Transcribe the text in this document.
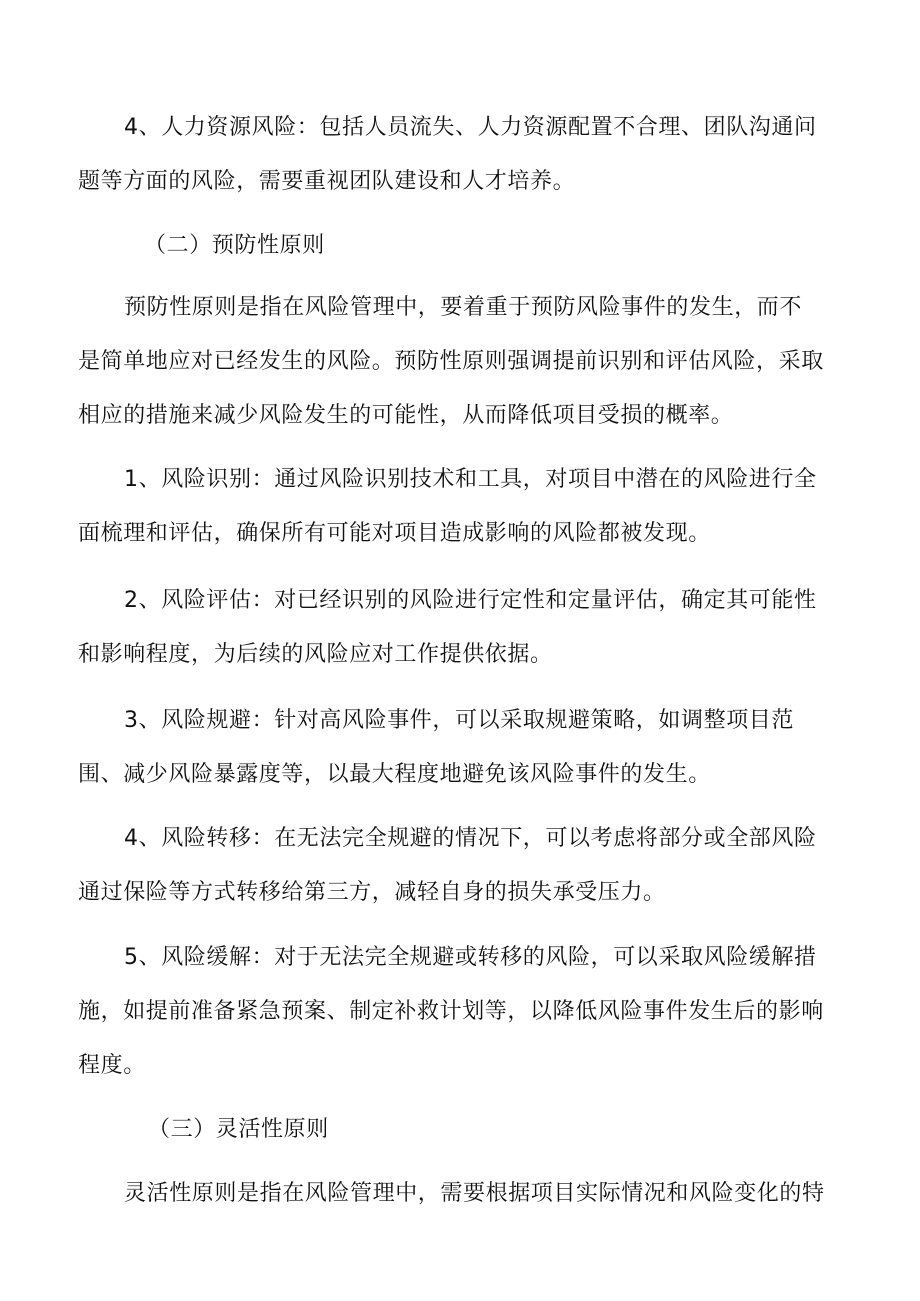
4、人力资源风险：包括人员流失、人力资源配置不合理、团队沟通问
题等方面的风险，需要重视团队建设和人才培养。
（二）预防性原则
预防性原则是指在风险管理中，要着重于预防风险事件的发生，而不
是简单地应对已经发生的风险。预防性原则强调提前识别和评估风险，采取
相应的措施来减少风险发生的可能性，从而降低项目受损的概率。
1、风险识别：通过风险识别技术和工具，对项目中潜在的风险进行全
面梳理和评估，确保所有可能对项目造成影响的风险都被发现。
2、风险评估：对已经识别的风险进行定性和定量评估，确定其可能性
和影响程度，为后续的风险应对工作提供依据。
3、风险规避：针对高风险事件，可以采取规避策略，如调整项目范
围、减少风险暴露度等，以最大程度地避免该风险事件的发生。
4、风险转移：在无法完全规避的情况下，可以考虑将部分或全部风险
通过保险等方式转移给第三方，减轻自身的损失承受压力。
5、风险缓解：对于无法完全规避或转移的风险，可以采取风险缓解措
施，如提前准备紧急预案、制定补救计划等，以降低风险事件发生后的影响
程度。
（三）灵活性原则
灵活性原则是指在风险管理中，需要根据项目实际情况和风险变化的特
